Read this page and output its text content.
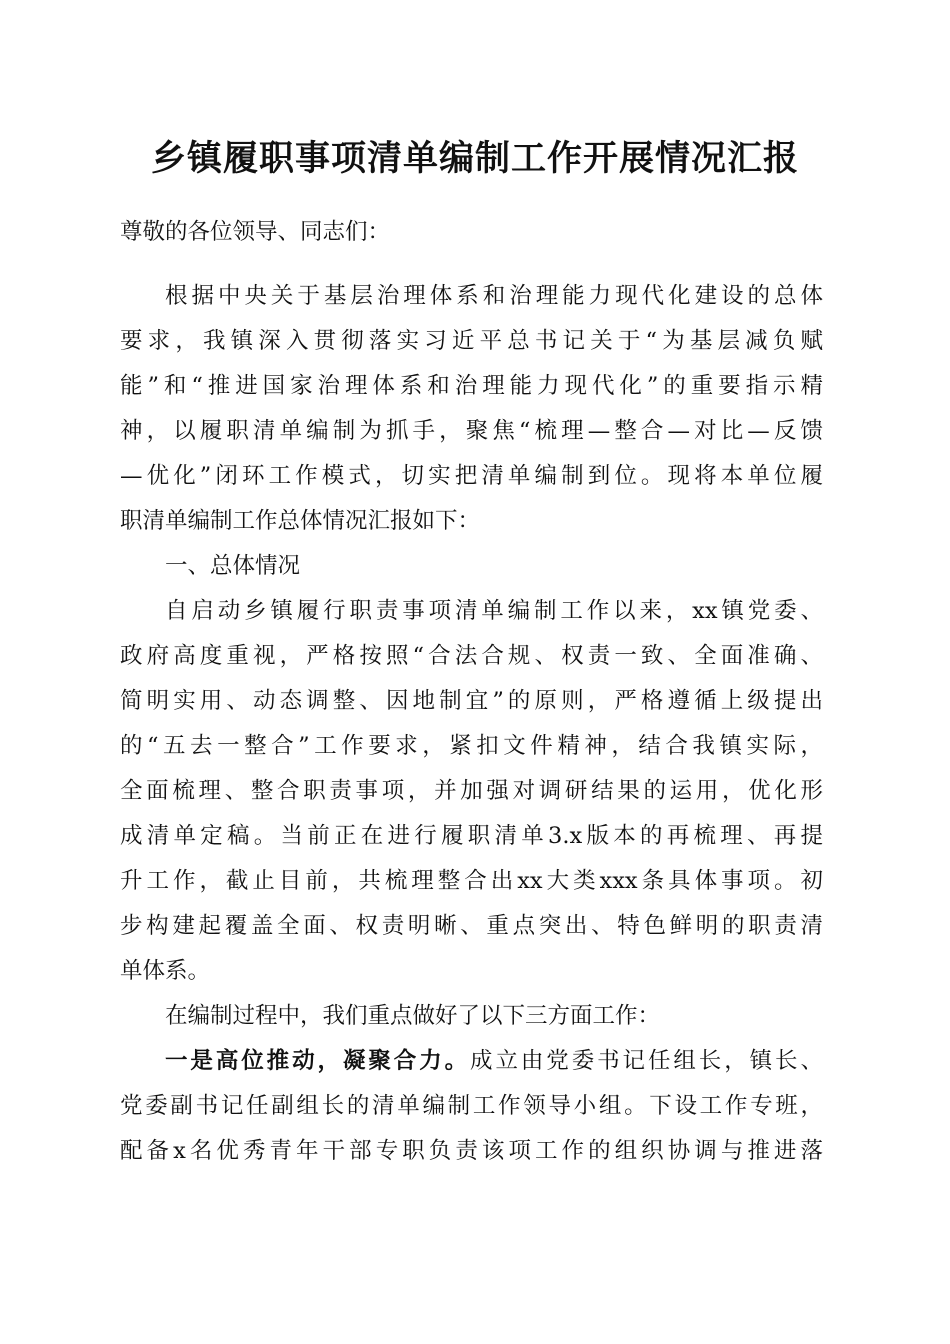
乡镇履职事项清单编制工作开展情况汇报

尊敬的各位领导、同志们：

根据中央关于基层治理体系和治理能力现代化建设的总体

要求，我镇深入贯彻落实习近平总书记关于“为基层减负赋

能”和“推进国家治理体系和治理能力现代化”的重要指示精

神，以履职清单编制为抓手，聚焦“梳理—整合—对比—反馈

—优化”闭环工作模式，切实把清单编制到位。现将本单位履

职清单编制工作总体情况汇报如下：

一、总体情况

自启动乡镇履行职责事项清单编制工作以来，xx镇党委、

政府高度重视，严格按照“合法合规、权责一致、全面准确、

简明实用、动态调整、因地制宜”的原则，严格遵循上级提出

的“五去一整合”工作要求，紧扣文件精神，结合我镇实际，

全面梳理、整合职责事项，并加强对调研结果的运用，优化形

成清单定稿。当前正在进行履职清单3.x版本的再梳理、再提

升工作，截止目前，共梳理整合出xx大类xxx条具体事项。初

步构建起覆盖全面、权责明晰、重点突出、特色鲜明的职责清

单体系。

在编制过程中，我们重点做好了以下三方面工作：

一是高位推动，凝聚合力。成立由党委书记任组长，镇长、

党委副书记任副组长的清单编制工作领导小组。下设工作专班，

配备x名优秀青年干部专职负责该项工作的组织协调与推进落
